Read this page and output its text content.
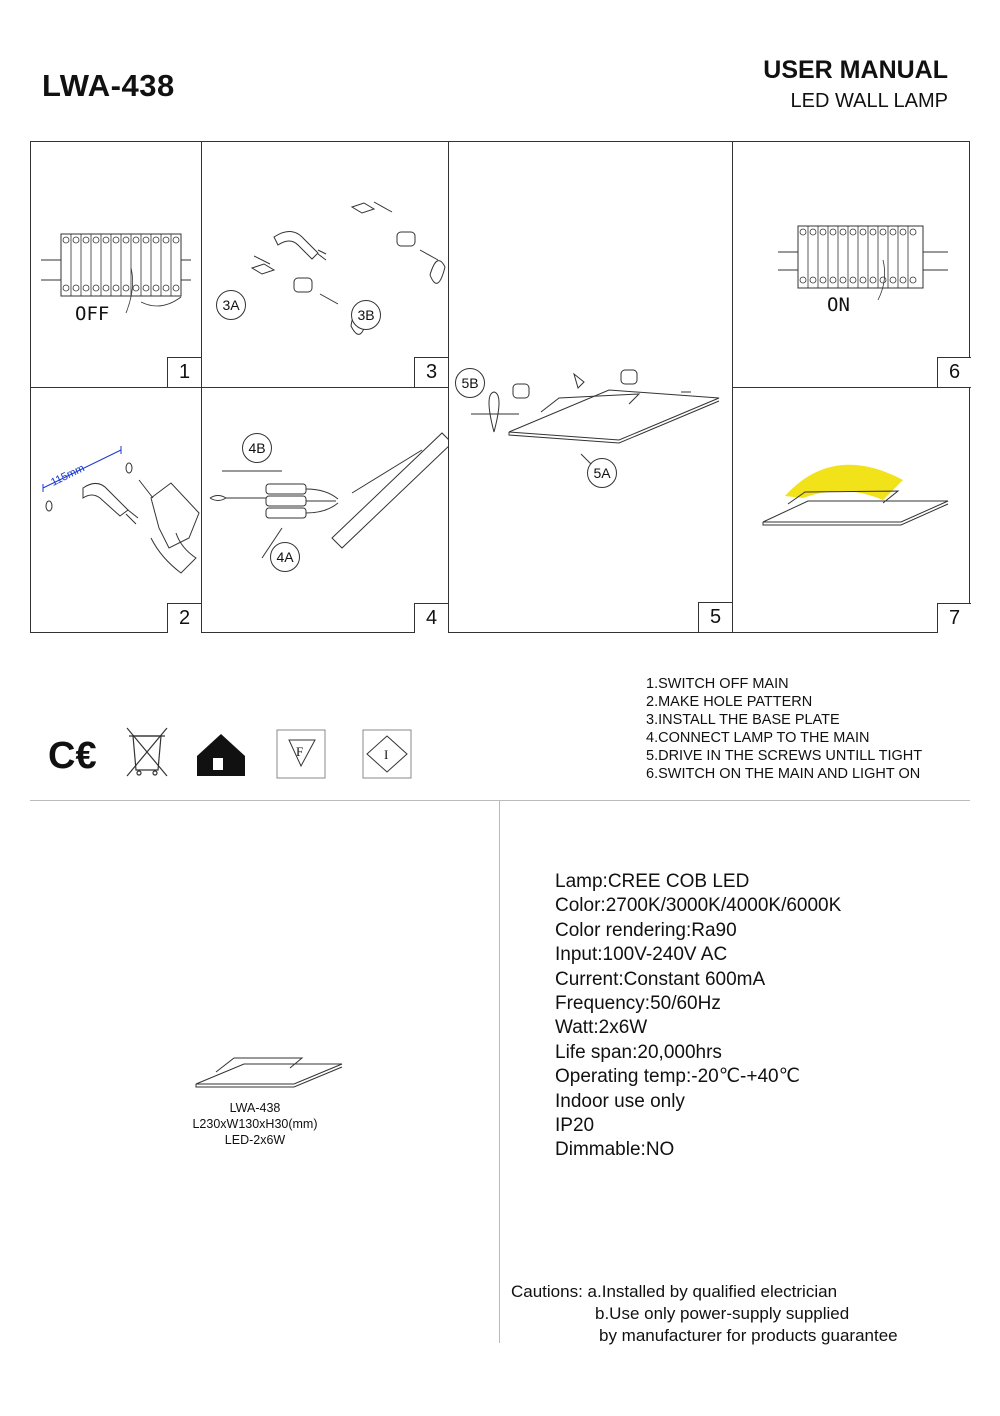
LWA-438	USER MANUAL
LED WALL LAMP
OFF
1
3A
3B
3	5B
5A
5
ON
6
115mm
2
4B
4A
4	7
C€	F	I
1.SWITCH OFF MAIN
2.MAKE HOLE PATTERN
3.INSTALL THE BASE PLATE
4.CONNECT LAMP TO THE MAIN
5.DRIVE IN THE SCREWS UNTILL TIGHT
6.SWITCH ON THE MAIN AND LIGHT ON
LWA-438
L230xW130xH30(mm)
LED-2x6W
Lamp:CREE COB LED
Color:2700K/3000K/4000K/6000K
Color rendering:Ra90
Input:100V-240V AC
Current:Constant 600mA
Frequency:50/60Hz
Watt:2x6W
Life span:20,000hrs
Operating temp:-20℃-+40℃
Indoor use only
IP20
Dimmable:NO
Cautions: a.Installed by qualified electrician
b.Use only power-supply supplied
by manufacturer for products guarantee
